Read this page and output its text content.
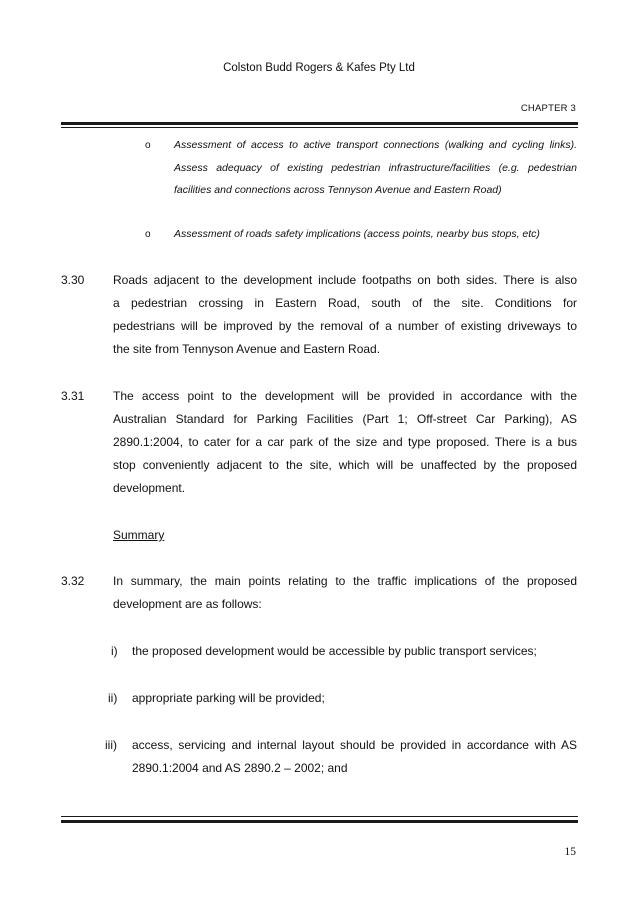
Colston Budd Rogers & Kafes Pty Ltd
CHAPTER 3
o Assessment of access to active transport connections (walking and cycling links).
Assess adequacy of existing pedestrian infrastructure/facilities (e.g. pedestrian
facilities and connections across Tennyson Avenue and Eastern Road)
o Assessment of roads safety implications (access points, nearby bus stops, etc)
3.30 Roads adjacent to the development include footpaths on both sides. There is also
a pedestrian crossing in Eastern Road, south of the site. Conditions for
pedestrians will be improved by the removal of a number of existing driveways to
the site from Tennyson Avenue and Eastern Road.
3.31 The access point to the development will be provided in accordance with the
Australian Standard for Parking Facilities (Part 1; Off-street Car Parking), AS
2890.1:2004, to cater for a car park of the size and type proposed. There is a bus
stop conveniently adjacent to the site, which will be unaffected by the proposed
development.
Summary
3.32 In summary, the main points relating to the traffic implications of the proposed
development are as follows:
i) the proposed development would be accessible by public transport services;
ii) appropriate parking will be provided;
iii) access, servicing and internal layout should be provided in accordance with AS
2890.1:2004 and AS 2890.2 – 2002; and
15
